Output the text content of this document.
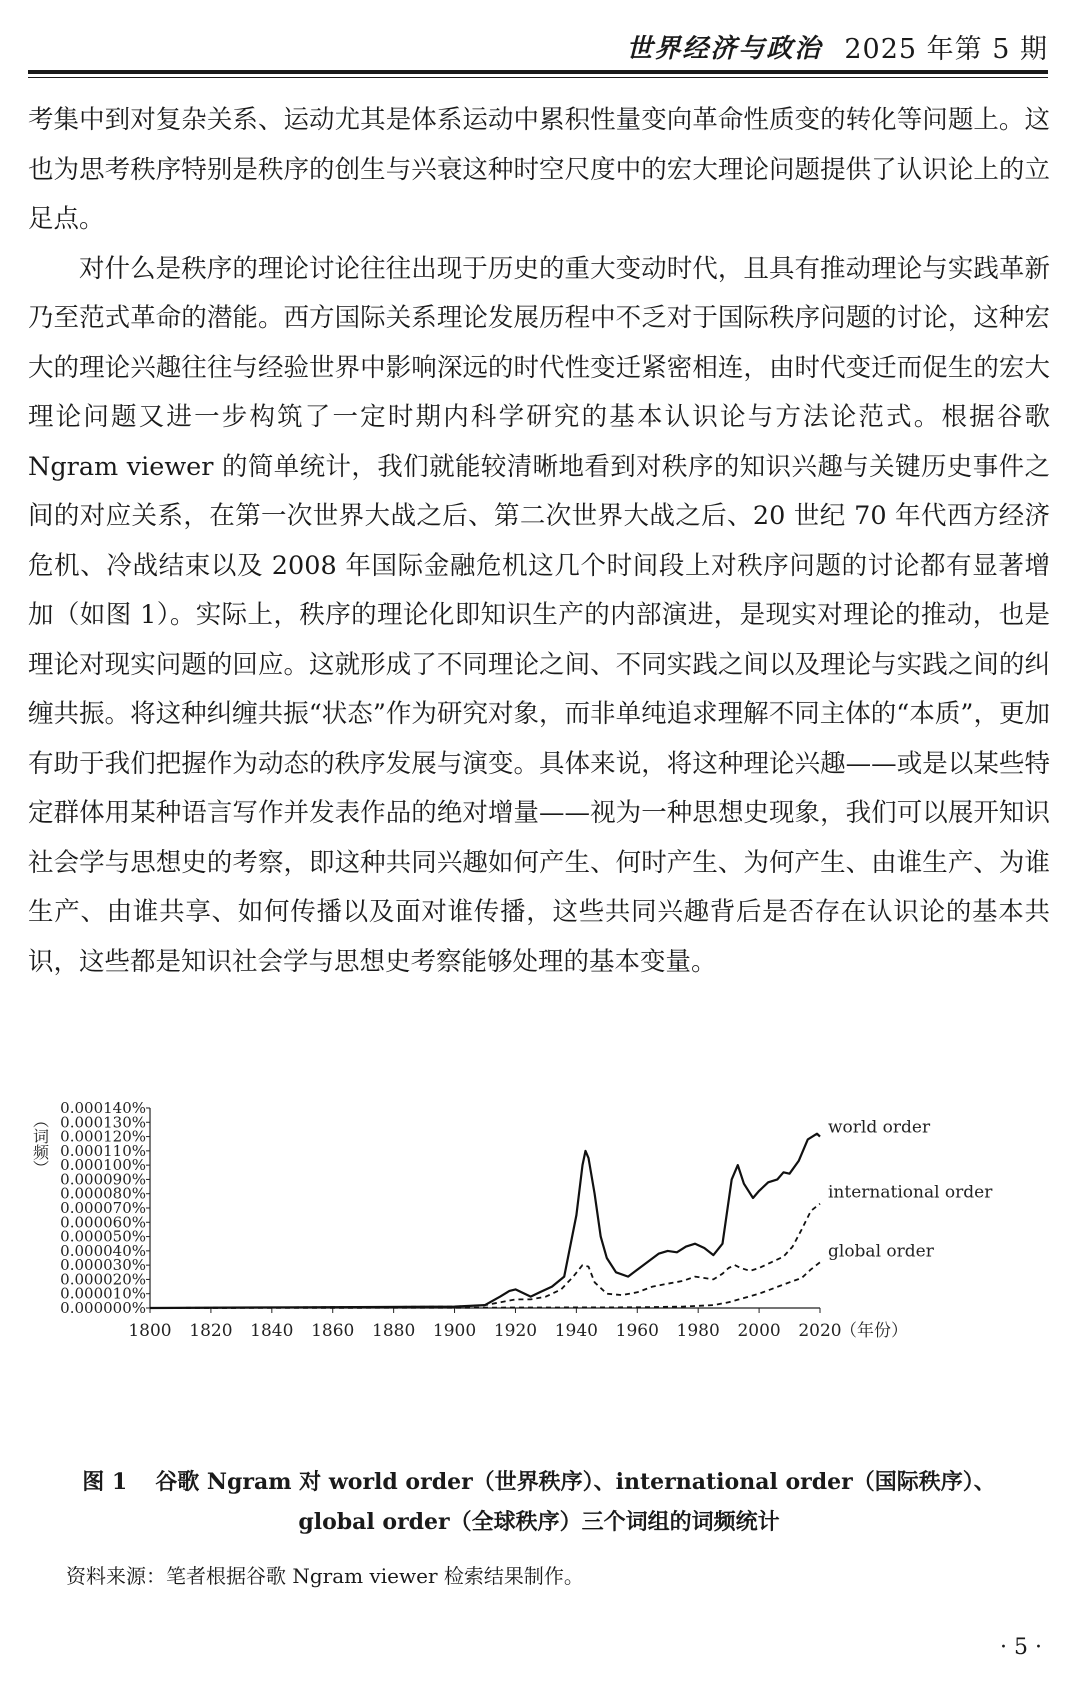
世界经济与政治 2025 年第 5 期

考集中到对复杂关系、运动尤其是体系运动中累积性量变向革命性质变的转化等问题上。这也为思考秩序特别是秩序的创生与兴衰这种时空尺度中的宏大理论问题提供了认识论上的立足点。

对什么是秩序的理论讨论往往出现于历史的重大变动时代，且具有推动理论与实践革新乃至范式革命的潜能。西方国际关系理论发展历程中不乏对于国际秩序问题的讨论，这种宏大的理论兴趣往往与经验世界中影响深远的时代性变迁紧密相连，由时代变迁而促生的宏大理论问题又进一步构筑了一定时期内科学研究的基本认识论与方法论范式。根据谷歌 Ngram viewer 的简单统计，我们就能较清晰地看到对秩序的知识兴趣与关键历史事件之间的对应关系，在第一次世界大战之后、第二次世界大战之后、20 世纪 70 年代西方经济危机、冷战结束以及 2008 年国际金融危机这几个时间段上对秩序问题的讨论都有显著增加（如图 1）。实际上，秩序的理论化即知识生产的内部演进，是现实对理论的推动，也是理论对现实问题的回应。这就形成了不同理论之间、不同实践之间以及理论与实践之间的纠缠共振。将这种纠缠共振“状态”作为研究对象，而非单纯追求理解不同主体的“本质”，更加有助于我们把握作为动态的秩序发展与演变。具体来说，将这种理论兴趣——或是以某些特定群体用某种语言写作并发表作品的绝对增量——视为一种思想史现象，我们可以展开知识社会学与思想史的考察，即这种共同兴趣如何产生、何时产生、为何产生、由谁生产、为谁生产、由谁共享、如何传播以及面对谁传播，这些共同兴趣背后是否存在认识论的基本共识，这些都是知识社会学与思想史考察能够处理的基本变量。

0.000000%
0.000010%
0.000020%
0.000030%
0.000040%
0.000050%
0.000060%
0.000070%
0.000080%
0.000090%
0.000100%
0.000110%
0.000120%
0.000130%
0.000140%
（词频）
1800 1820 1840 1860 1880 1900 1920 1940 1960 1980 2000 2020
（年份）
world order
international order
global order
图 1 谷歌 Ngram 对 world order（世界秩序）、international order（国际秩序）、
global order（全球秩序）三个词组的词频统计
资料来源：笔者根据谷歌 Ngram viewer 检索结果制作。
· 5 ·
